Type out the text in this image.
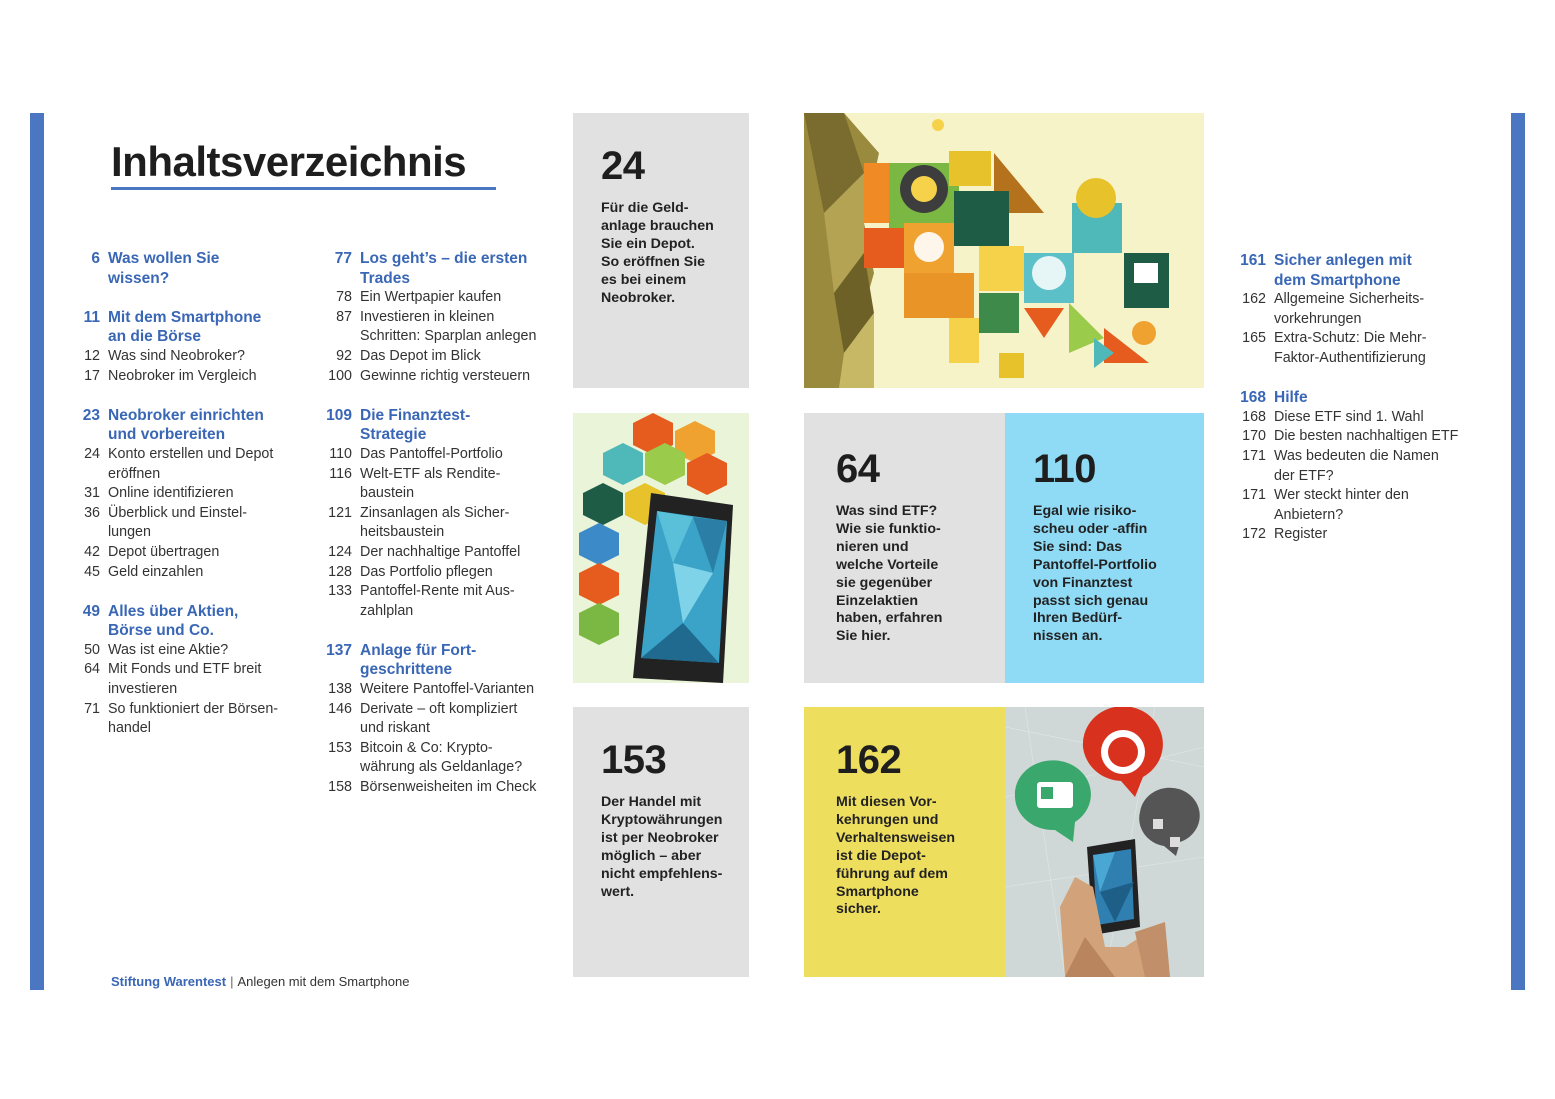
Inhaltsverzeichnis
6 Was wollen Sie
wissen?
11 Mit dem Smartphone
an die Börse
12 Was sind Neobroker?
17 Neobroker im Vergleich
23 Neobroker einrichten
und vorbereiten
24 Konto erstellen und Depot
eröffnen
31 Online identifizieren
36 Überblick und Einstel-
lungen
42 Depot übertragen
45 Geld einzahlen
49 Alles über Aktien,
Börse und Co.
50 Was ist eine Aktie?
64 Mit Fonds und ETF breit
investieren
71 So funktioniert der Börsen-
handel
77 Los geht’s – die ersten
Trades
78 Ein Wertpapier kaufen
87 Investieren in kleinen
Schritten: Sparplan anlegen
92 Das Depot im Blick
100 Gewinne richtig versteuern
109 Die Finanztest-
Strategie
110 Das Pantoffel-Portfolio
116 Welt-ETF als Rendite-
baustein
121 Zinsanlagen als Sicher-
heitsbaustein
124 Der nachhaltige Pantoffel
128 Das Portfolio pflegen
133 Pantoffel-Rente mit Aus-
zahlplan
137 Anlage für Fort-
geschrittene
138 Weitere Pantoffel-Varianten
146 Derivate – oft kompliziert
und riskant
153 Bitcoin & Co: Krypto-
währung als Geldanlage?
158 Börsenweisheiten im Check
161 Sicher anlegen mit
dem Smartphone
162 Allgemeine Sicherheits-
vorkehrungen
165 Extra-Schutz: Die Mehr-
Faktor-Authentifizierung
168 Hilfe
168 Diese ETF sind 1. Wahl
170 Die besten nachhaltigen ETF
171 Was bedeuten die Namen
der ETF?
171 Wer steckt hinter den
Anbietern?
172 Register
24
Für die Geld-
anlage brauchen
Sie ein Depot.
So eröffnen Sie
es bei einem
Neobroker.
64
Was sind ETF?
Wie sie funktio-
nieren und
welche Vorteile
sie gegenüber
Einzelaktien
haben, erfahren
Sie hier.
110
Egal wie risiko-
scheu oder -affin
Sie sind: Das
Pantoffel-Portfolio
von Finanztest
passt sich genau
Ihren Bedürf-
nissen an.
153
Der Handel mit
Kryptowährungen
ist per Neobroker
möglich – aber
nicht empfehlens-
wert.
162
Mit diesen Vor-
kehrungen und
Verhaltensweisen
ist die Depot-
führung auf dem
Smartphone
sicher.
Stiftung Warentest | Anlegen mit dem Smartphone
